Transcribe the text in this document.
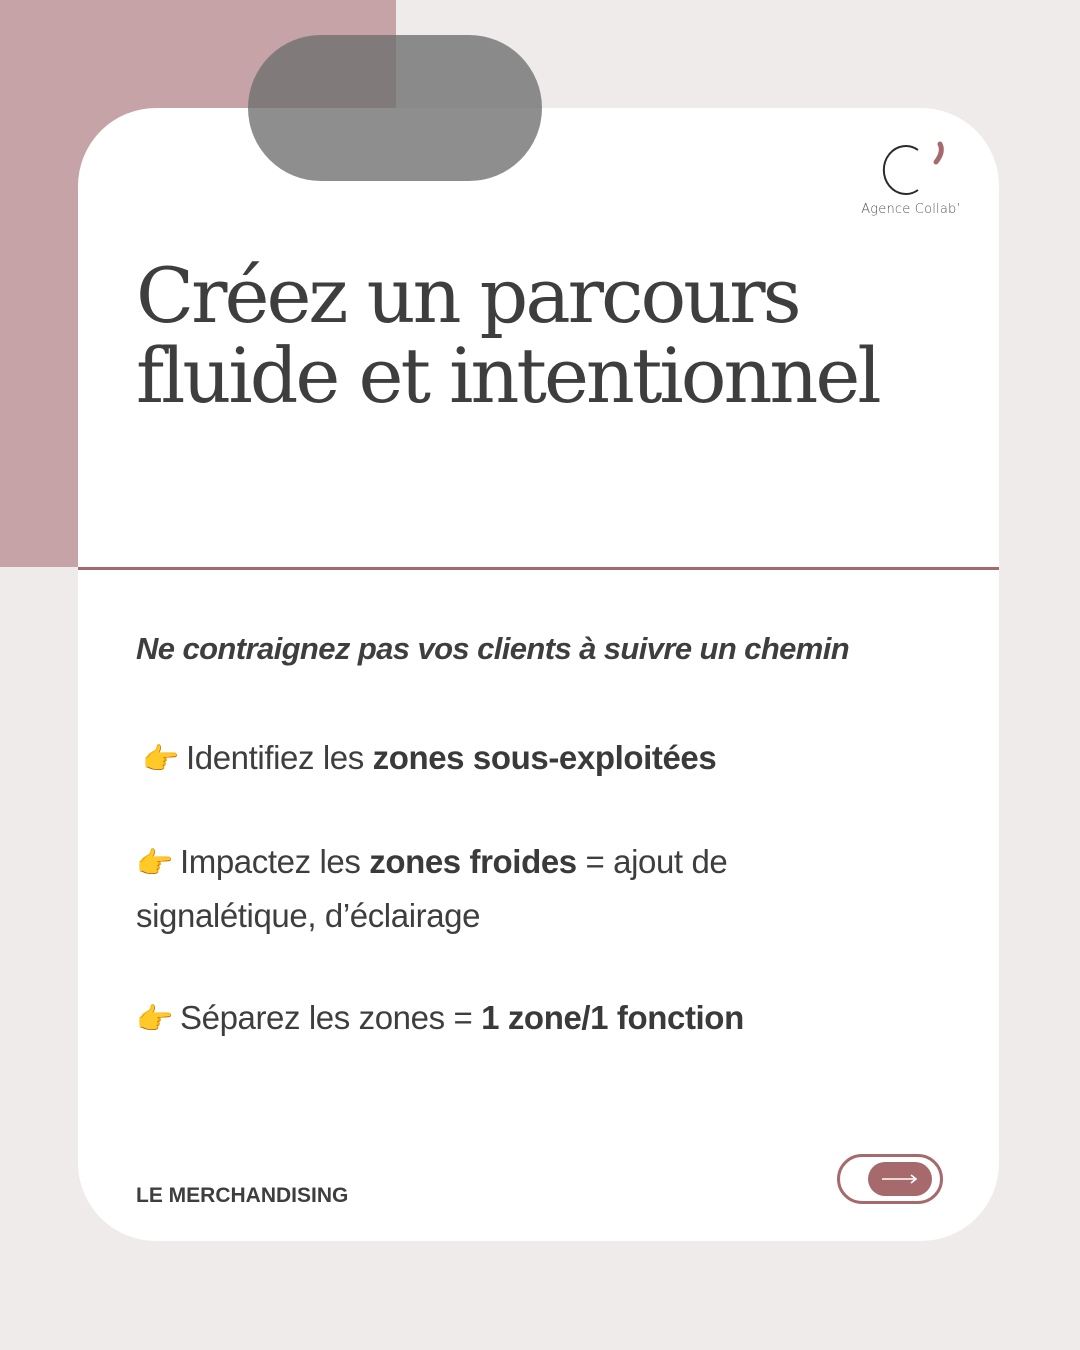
Créez un parcours fluide et intentionnel
Ne contraignez pas vos clients à suivre un chemin
👉 Identifiez les zones sous-exploitées
👉 Impactez les zones froides = ajout de signalétique, d’éclairage
👉 Séparez les zones = 1 zone/1 fonction
LE MERCHANDISING
Agence Collab’
